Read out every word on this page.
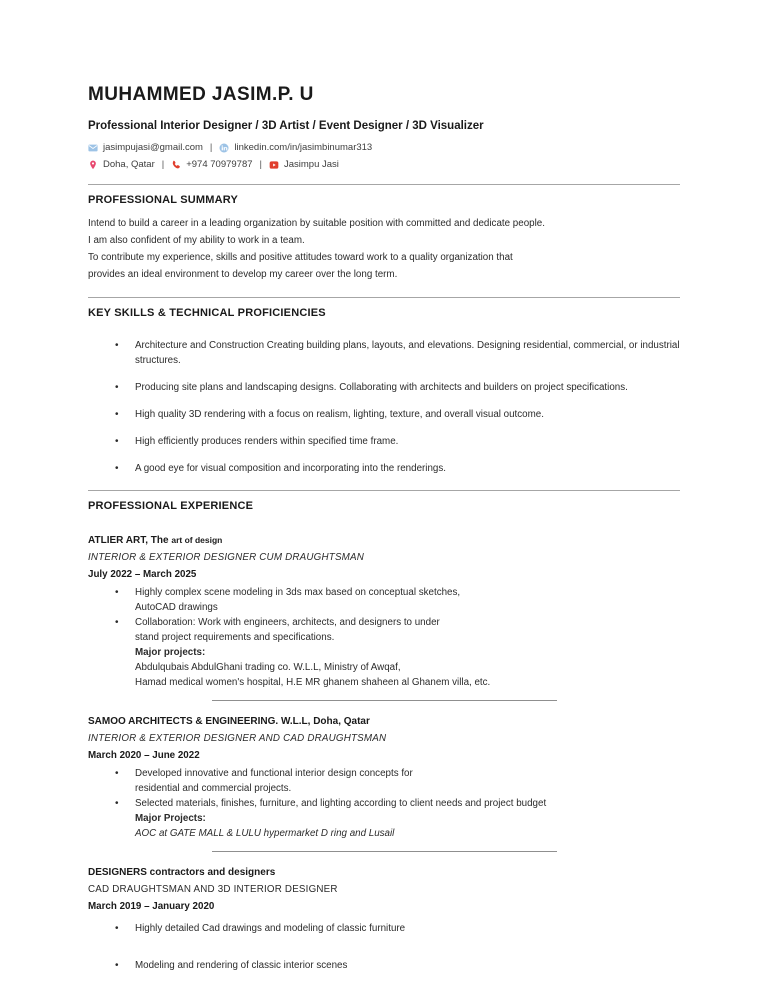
MUHAMMED JASIM.P. U
Professional Interior Designer / 3D Artist / Event Designer / 3D Visualizer
jasimpujasi@gmail.com | linkedin.com/in/jasimbinumar313
Doha, Qatar | +974 70979787 | Jasimpu Jasi
PROFESSIONAL SUMMARY
Intend to build a career in a leading organization by suitable position with committed and dedicate people.
I am also confident of my ability to work in a team.
To contribute my experience, skills and positive attitudes toward work to a quality organization that
provides an ideal environment to develop my career over the long term.
KEY SKILLS & TECHNICAL PROFICIENCIES
•	Architecture and Construction Creating building plans, layouts, and elevations. Designing residential, commercial, or industrial
structures.
•	Producing site plans and landscaping designs. Collaborating with architects and builders on project specifications.
•	High quality 3D rendering with a focus on realism, lighting, texture, and overall visual outcome.
•	High efficiently produces renders within specified time frame.
•	A good eye for visual composition and incorporating into the renderings.
PROFESSIONAL EXPERIENCE
ATLIER ART, The art of design
INTERIOR & EXTERIOR DESIGNER CUM DRAUGHTSMAN
July 2022 – March 2025
•	Highly complex scene modeling in 3ds max based on conceptual sketches,
AutoCAD drawings
•	Collaboration: Work with engineers, architects, and designers to under
stand project requirements and specifications.
Major projects:
Abdulqubais AbdulGhani trading co. W.L.L, Ministry of Awqaf,
Hamad medical women's hospital, H.E MR ghanem shaheen al Ghanem villa, etc.
SAMOO ARCHITECTS & ENGINEERING. W.L.L, Doha, Qatar
INTERIOR & EXTERIOR DESIGNER AND CAD DRAUGHTSMAN
March 2020 – June 2022
•	Developed innovative and functional interior design concepts for
residential and commercial projects.
•	Selected materials, finishes, furniture, and lighting according to client needs and project budget
Major Projects:
AOC at GATE MALL & LULU hypermarket D ring and Lusail
DESIGNERS contractors and designers
CAD DRAUGHTSMAN AND 3D INTERIOR DESIGNER
March 2019 – January 2020
•	Highly detailed Cad drawings and modeling of classic furniture
•	Modeling and rendering of classic interior scenes
